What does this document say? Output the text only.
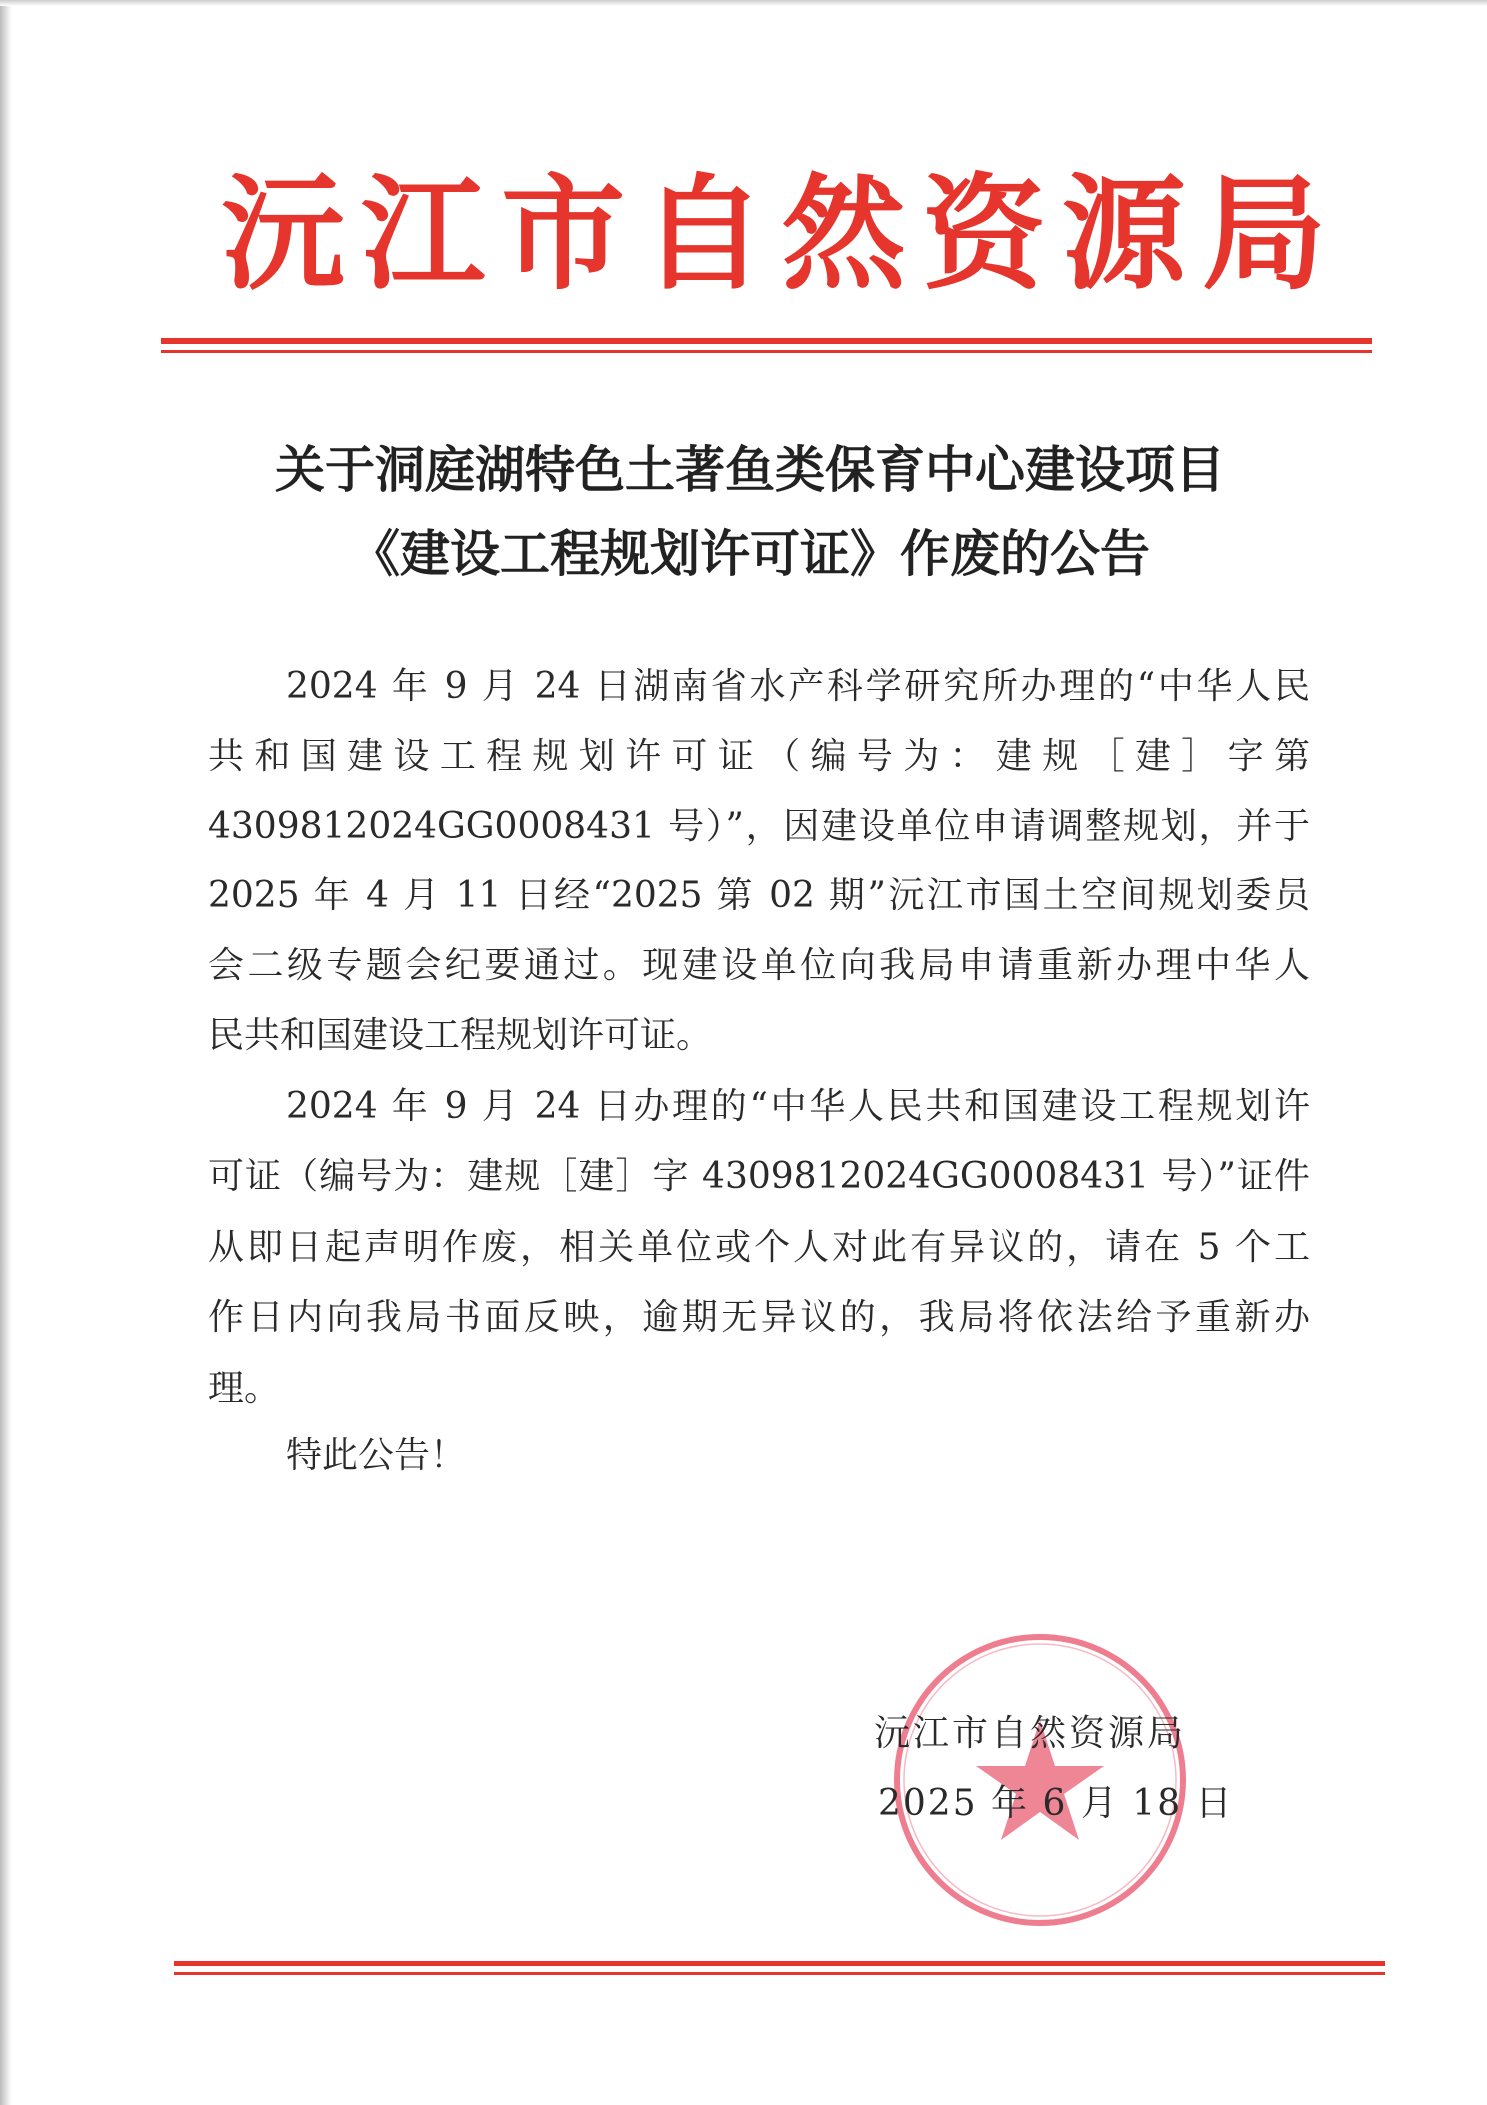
沅江市自然资源局
关于洞庭湖特色土著鱼类保育中心建设项目
《建设工程规划许可证》作废的公告
2024 年 9 月 24 日湖南省水产科学研究所办理的“中华人民
共和国建设工程规划许可证（编号为：建规［建］字第
4309812024GG0008431 号）”，因建设单位申请调整规划，并于
2025 年 4 月 11 日经“2025 第 02 期”沅江市国土空间规划委员
会二级专题会纪要通过。现建设单位向我局申请重新办理中华人
民共和国建设工程规划许可证。
2024 年 9 月 24 日办理的“中华人民共和国建设工程规划许
可证（编号为：建规［建］字 4309812024GG0008431 号）”证件
从即日起声明作废，相关单位或个人对此有异议的，请在 5 个工
作日内向我局书面反映，逾期无异议的，我局将依法给予重新办
理。
特此公告！
沅江市自然资源局
2025 年 6 月 18 日
